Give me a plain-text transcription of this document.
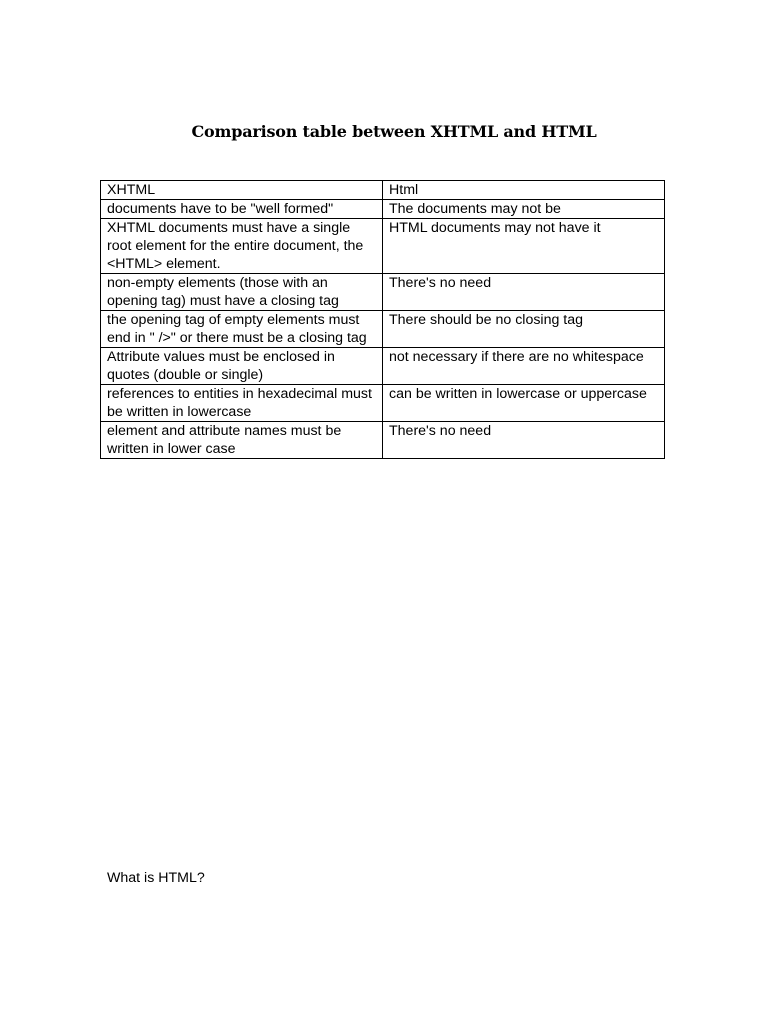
Comparison table between XHTML and HTML
XHTML	Html
documents have to be "well formed"	The documents may not be
XHTML documents must have a single root element for the entire document, the <HTML> element.	HTML documents may not have it
non-empty elements (those with an opening tag) must have a closing tag	There's no need
the opening tag of empty elements must end in " />" or there must be a closing tag	There should be no closing tag
Attribute values must be enclosed in quotes (double or single)	not necessary if there are no whitespace
references to entities in hexadecimal must be written in lowercase	can be written in lowercase or uppercase
element and attribute names must be written in lower case	There's no need
What is HTML?
